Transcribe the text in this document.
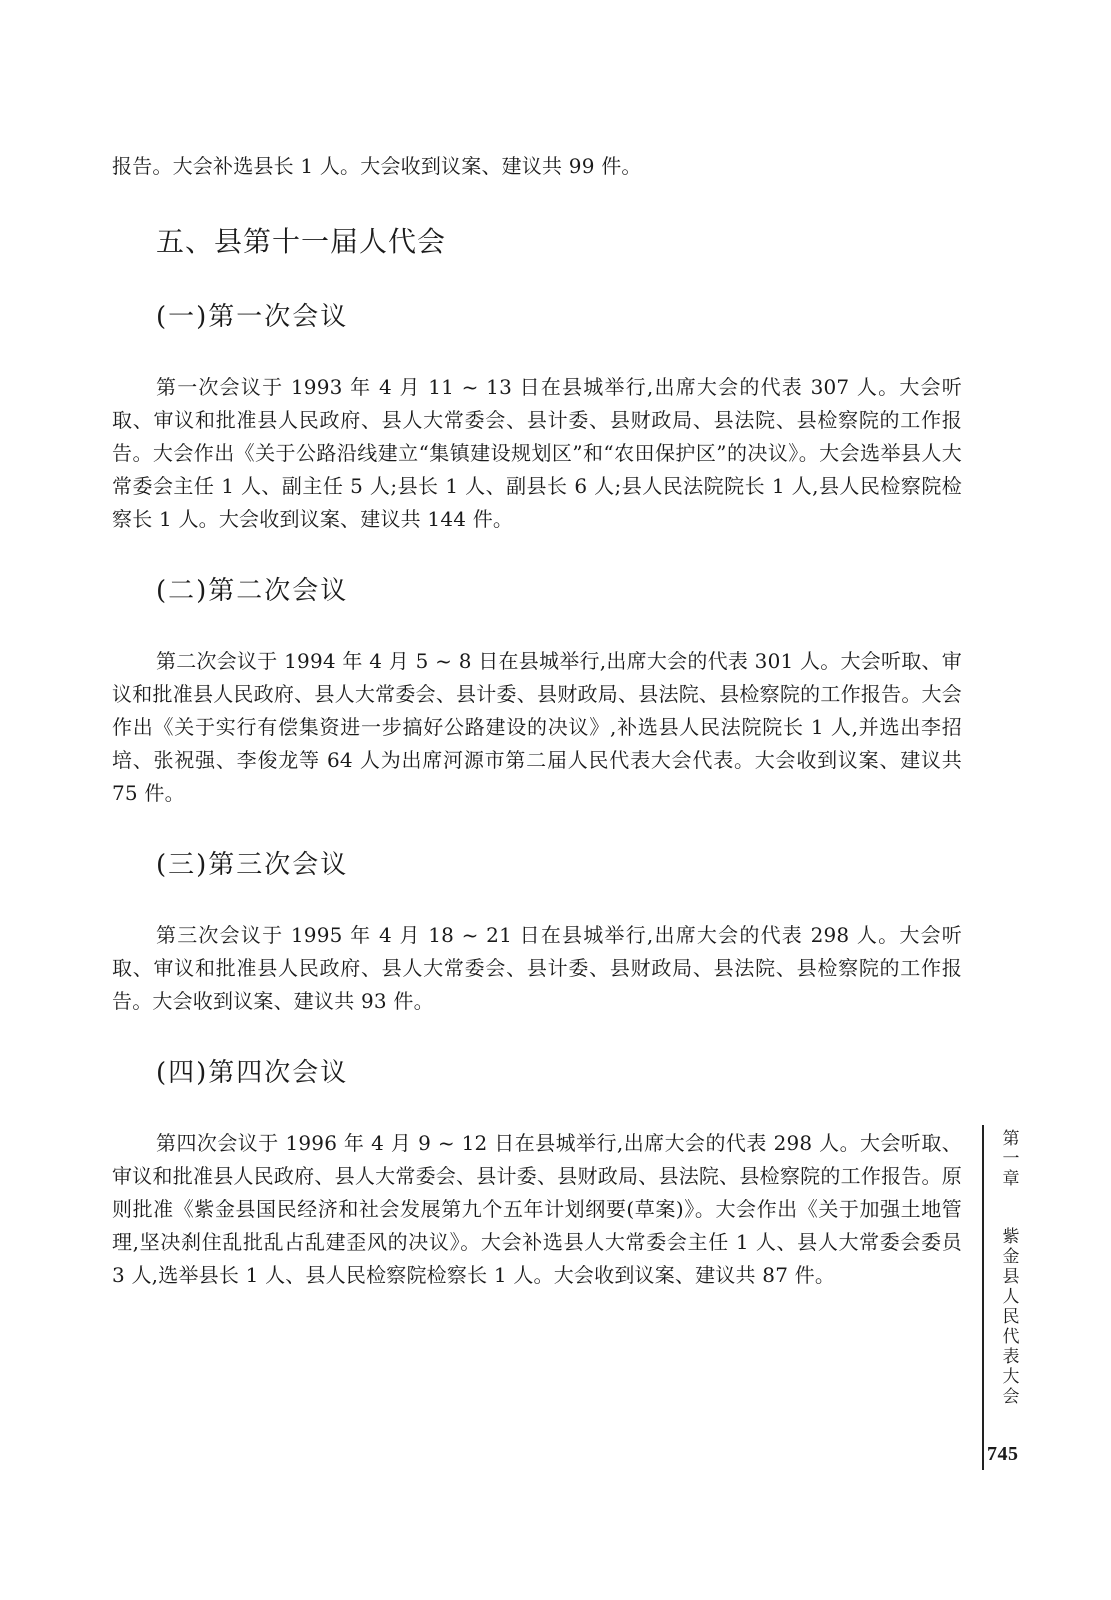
报告。大会补选县长 1 人。大会收到议案、建议共 99 件。

五、县第十一届人代会
(一)第一次会议

第一次会议于 1993 年 4 月 11 ~ 13 日在县城举行,出席大会的代表 307 人。大会听取、审议和批准县人民政府、县人大常委会、县计委、县财政局、县法院、县检察院的工作报告。大会作出《关于公路沿线建立“集镇建设规划区”和“农田保护区”的决议》。大会选举县人大常委会主任 1 人、副主任 5 人;县长 1 人、副县长 6 人;县人民法院院长 1 人,县人民检察院检察长 1 人。大会收到议案、建议共 144 件。

(二)第二次会议

第二次会议于 1994 年 4 月 5 ~ 8 日在县城举行,出席大会的代表 301 人。大会听取、审议和批准县人民政府、县人大常委会、县计委、县财政局、县法院、县检察院的工作报告。大会作出《关于实行有偿集资进一步搞好公路建设的决议》,补选县人民法院院长 1 人,并选出李招培、张祝强、李俊龙等 64 人为出席河源市第二届人民代表大会代表。大会收到议案、建议共 75 件。

(三)第三次会议

第三次会议于 1995 年 4 月 18 ~ 21 日在县城举行,出席大会的代表 298 人。大会听取、审议和批准县人民政府、县人大常委会、县计委、县财政局、县法院、县检察院的工作报告。大会收到议案、建议共 93 件。

(四)第四次会议

第四次会议于 1996 年 4 月 9 ~ 12 日在县城举行,出席大会的代表 298 人。大会听取、审议和批准县人民政府、县人大常委会、县计委、县财政局、县法院、县检察院的工作报告。原则批准《紫金县国民经济和社会发展第九个五年计划纲要(草案)》。大会作出《关于加强土地管理,坚决刹住乱批乱占乱建歪风的决议》。大会补选县人大常委会主任 1 人、县人大常委会委员 3 人,选举县长 1 人、县人民检察院检察长 1 人。大会收到议案、建议共 87 件。

第
一
章
紫
金
县
人
民
代
表
大
会
745
